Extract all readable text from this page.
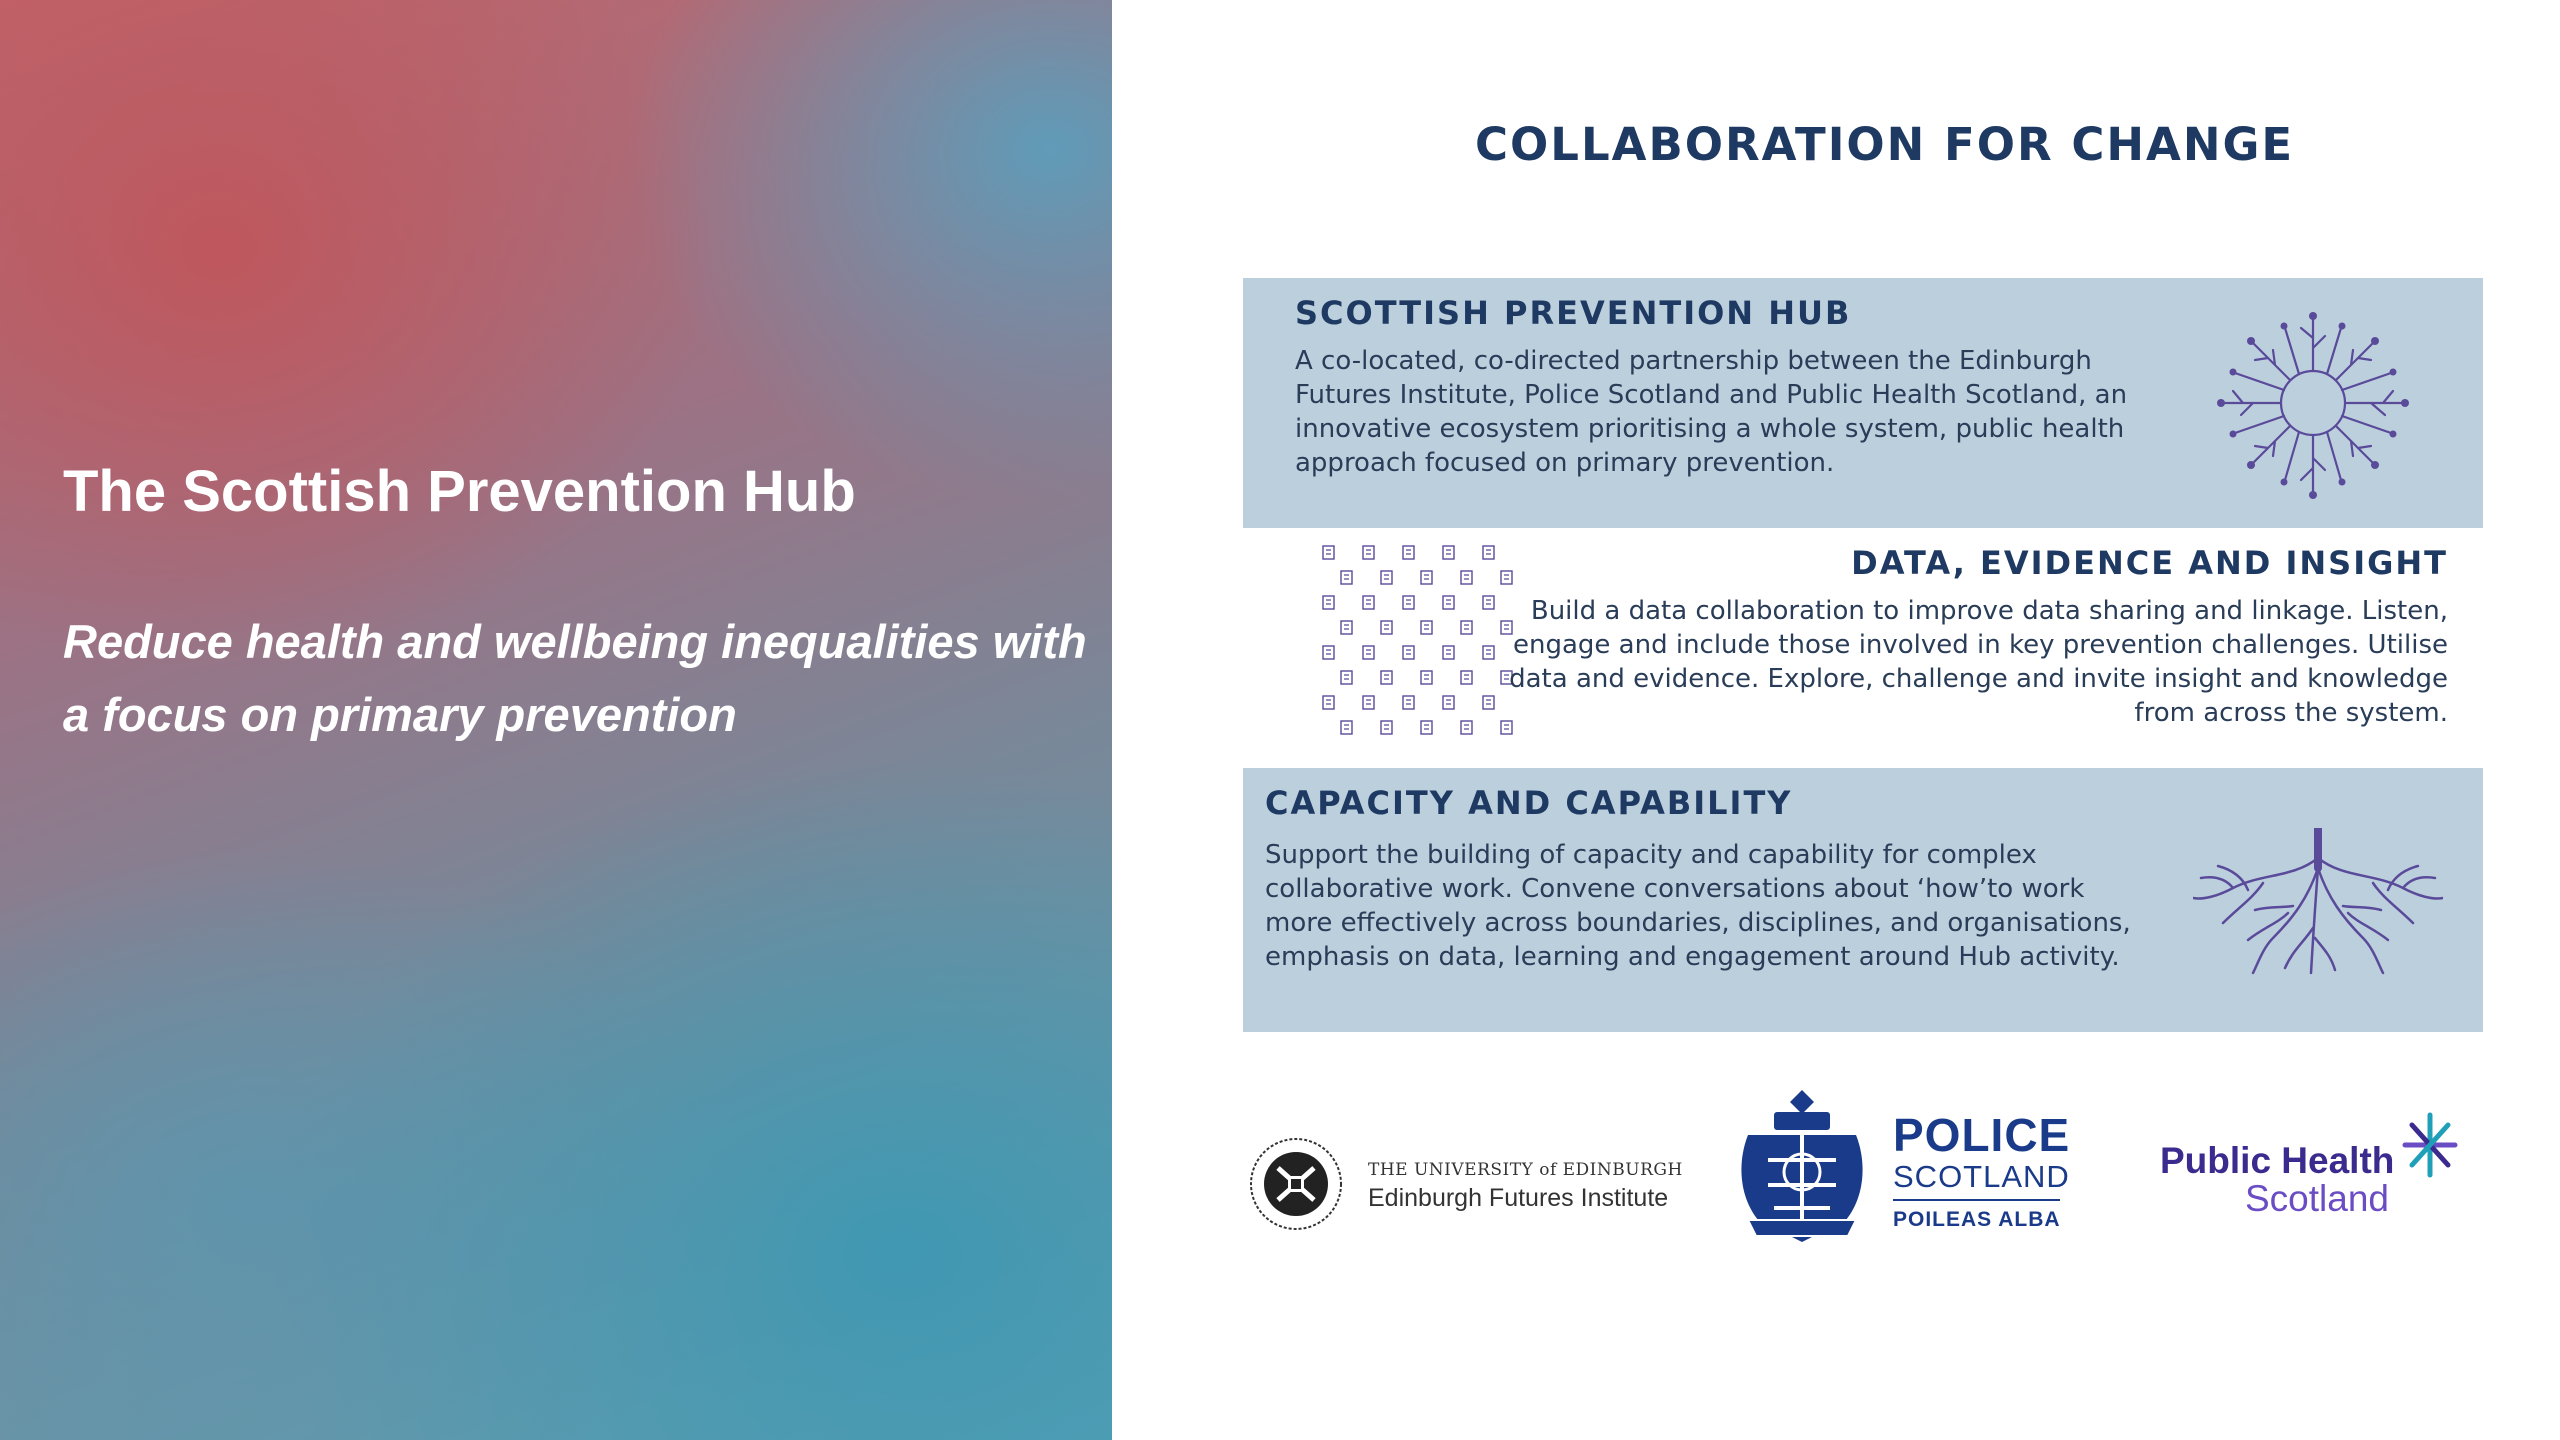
The Scottish Prevention Hub
Reduce health and wellbeing inequalities with a focus on primary prevention
COLLABORATION FOR CHANGE
SCOTTISH PREVENTION HUB
A co-located, co-directed partnership between the Edinburgh Futures Institute, Police Scotland and Public Health Scotland, an innovative ecosystem prioritising a whole system, public health approach focused on primary prevention.
DATA, EVIDENCE AND INSIGHT
Build a data collaboration to improve data sharing and linkage. Listen, engage and include those involved in key prevention challenges. Utilise data and evidence. Explore, challenge and invite insight and knowledge from across the system.
CAPACITY AND CAPABILITY
Support the building of capacity and capability for complex collaborative work. Convene conversations about ‘how’to work more effectively across boundaries, disciplines, and organisations, emphasis on data, learning and engagement around Hub activity.
THE UNIVERSITY of EDINBURGH
Edinburgh Futures Institute
POLICE
SCOTLAND
POILEAS ALBA
Public Health
Scotland
